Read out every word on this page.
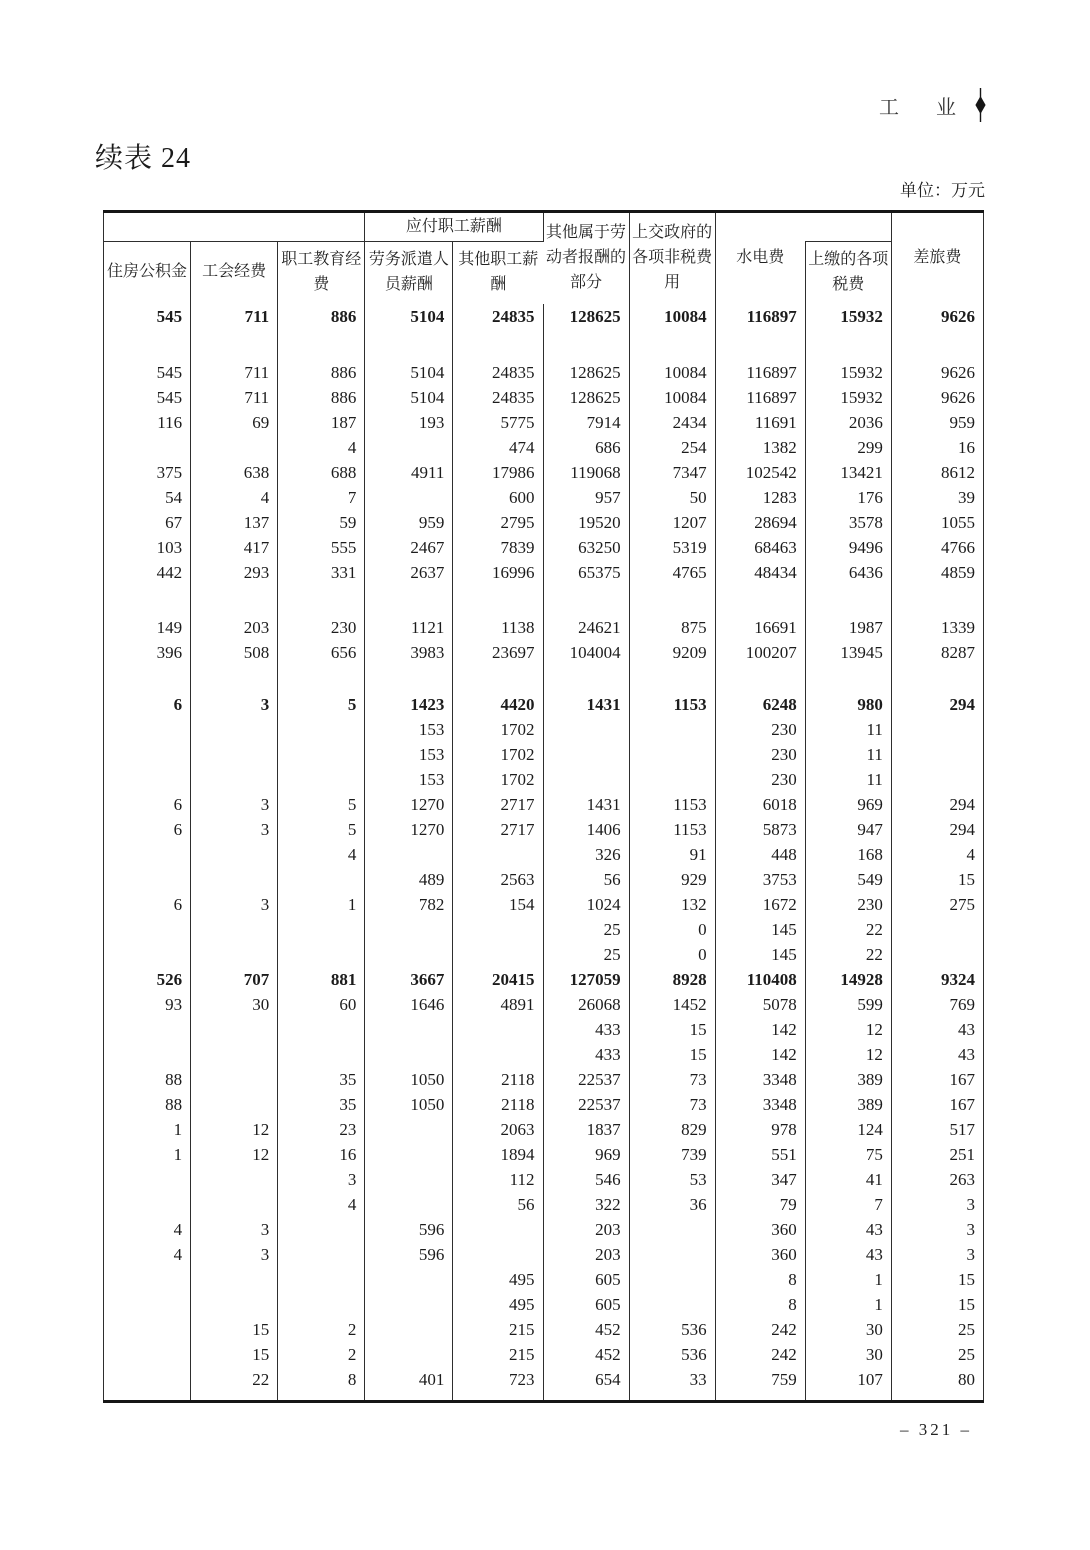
工 业
续表 24
单位：万元
			应付职工薪酬		其他属于劳动者报酬的部分	上交政府的各项非税费用	水电费		差旅费
住房公积金	工会经费	职工教育经费	劳务派遣人员薪酬	其他职工薪酬				上缴的各项税费	
545	711	886	5104	24835	128625	10084	116897	15932	9626

545	711	886	5104	24835	128625	10084	116897	15932	9626
545	711	886	5104	24835	128625	10084	116897	15932	9626
116	69	187	193	5775	7914	2434	11691	2036	959
		4		474	686	254	1382	299	16
375	638	688	4911	17986	119068	7347	102542	13421	8612
54	4	7		600	957	50	1283	176	39
67	137	59	959	2795	19520	1207	28694	3578	1055
103	417	555	2467	7839	63250	5319	68463	9496	4766
442	293	331	2637	16996	65375	4765	48434	6436	4859

149	203	230	1121	1138	24621	875	16691	1987	1339
396	508	656	3983	23697	104004	9209	100207	13945	8287

6	3	5	1423	4420	1431	1153	6248	980	294
			153	1702			230	11	
			153	1702			230	11	
			153	1702			230	11	
6	3	5	1270	2717	1431	1153	6018	969	294
6	3	5	1270	2717	1406	1153	5873	947	294
		4			326	91	448	168	4
			489	2563	56	929	3753	549	15
6	3	1	782	154	1024	132	1672	230	275
					25	0	145	22	
					25	0	145	22	
526	707	881	3667	20415	127059	8928	110408	14928	9324
93	30	60	1646	4891	26068	1452	5078	599	769
					433	15	142	12	43
					433	15	142	12	43
88		35	1050	2118	22537	73	3348	389	167
88		35	1050	2118	22537	73	3348	389	167
1	12	23		2063	1837	829	978	124	517
1	12	16		1894	969	739	551	75	251
		3		112	546	53	347	41	263
		4		56	322	36	79	7	3
4	3		596		203		360	43	3
4	3		596		203		360	43	3
				495	605		8	1	15
				495	605		8	1	15
	15	2		215	452	536	242	30	25
	15	2		215	452	536	242	30	25
	22	8	401	723	654	33	759	107	80

– 321 –
